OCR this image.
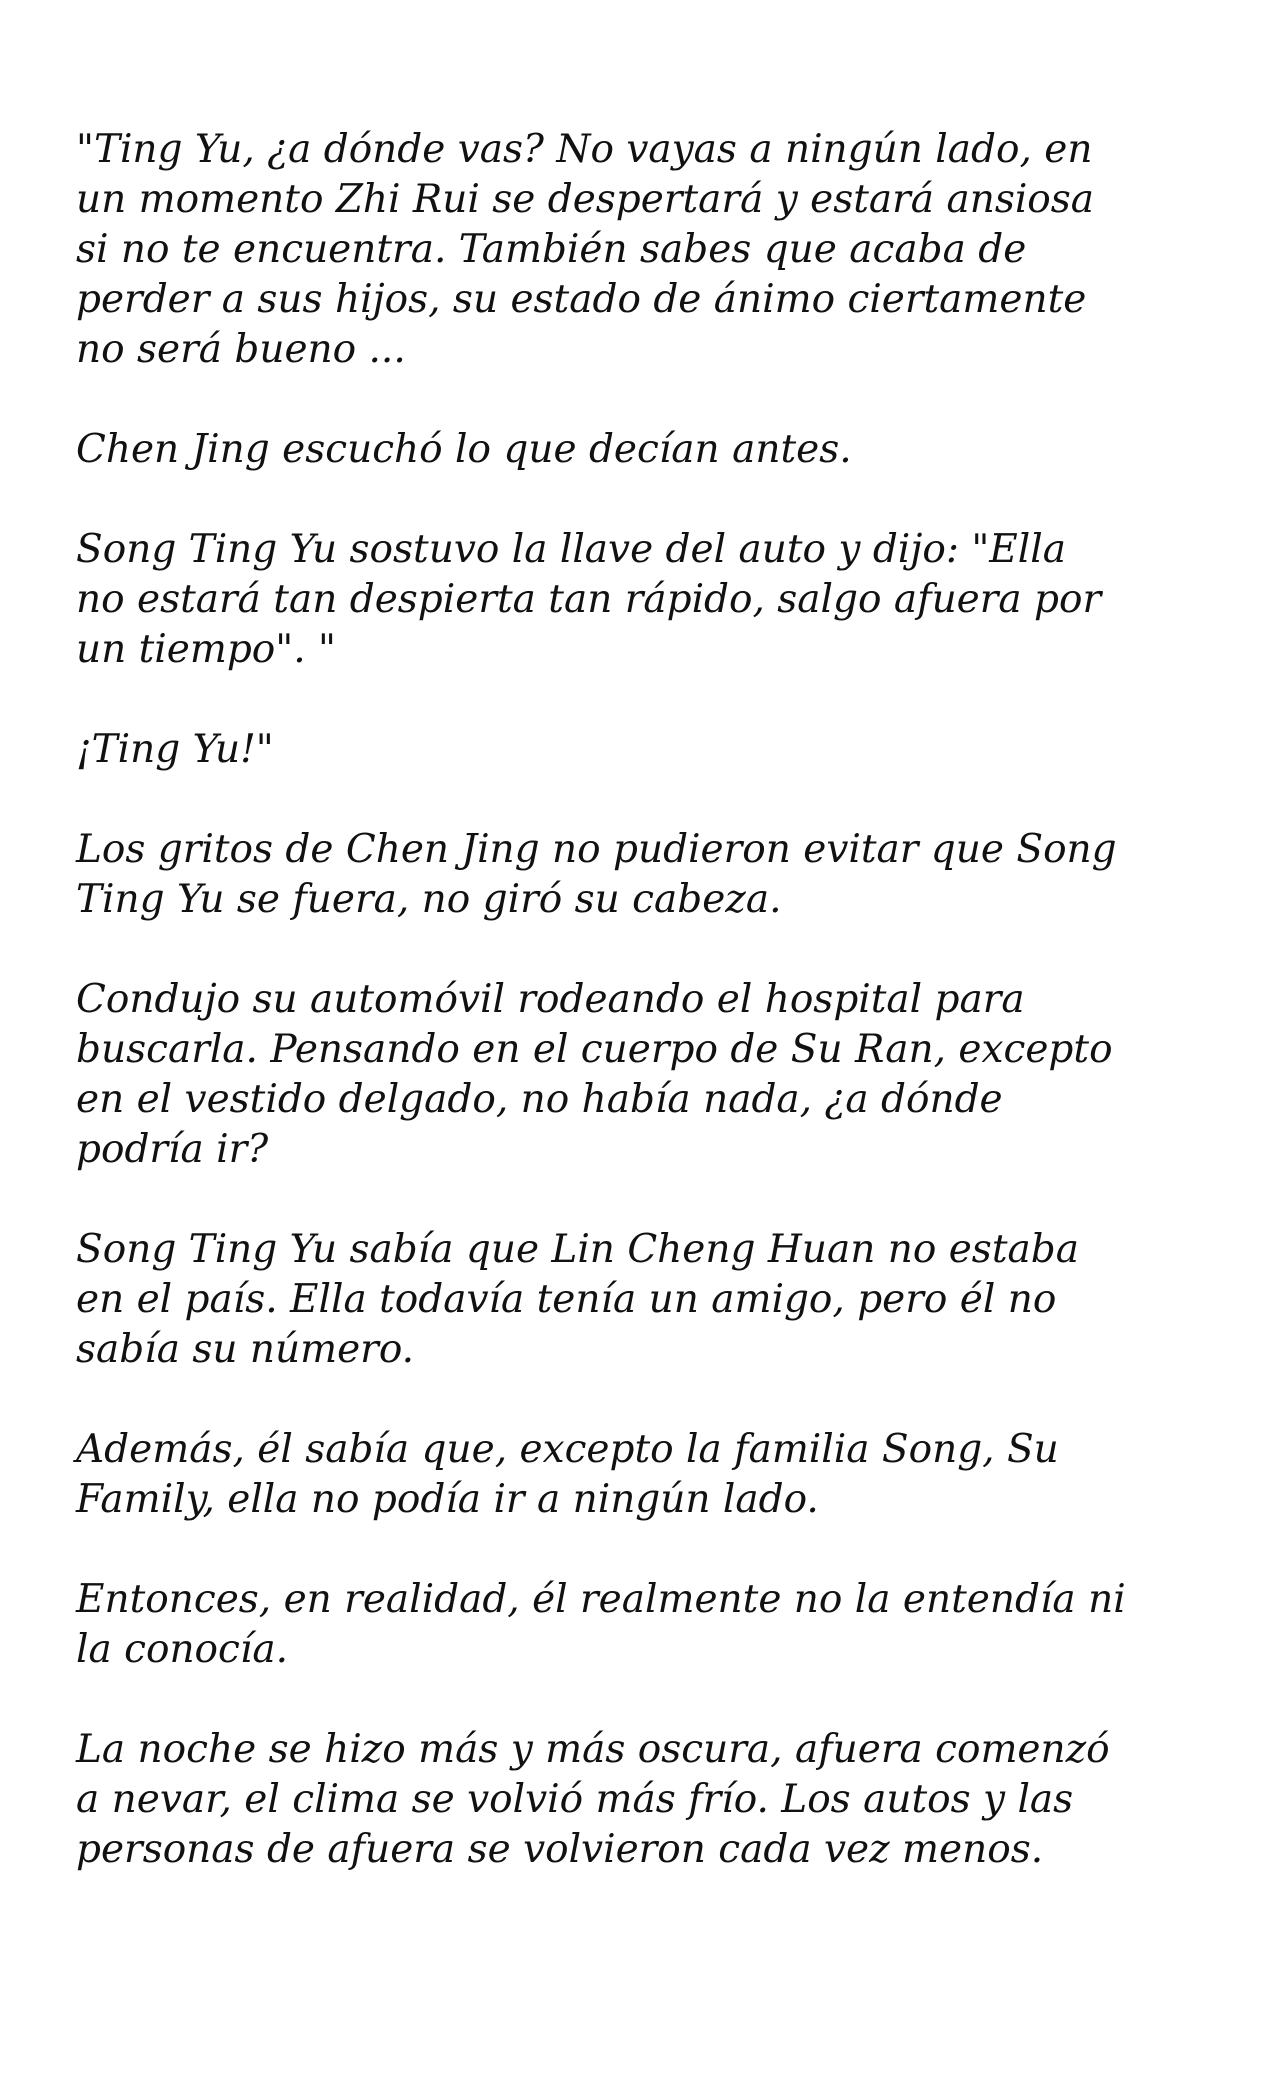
"Ting Yu, ¿a dónde vas? No vayas a ningún lado, en
un momento Zhi Rui se despertará y estará ansiosa
si no te encuentra. También sabes que acaba de
perder a sus hijos, su estado de ánimo ciertamente
no será bueno ...

Chen Jing escuchó lo que decían antes.

Song Ting Yu sostuvo la llave del auto y dijo: "Ella
no estará tan despierta tan rápido, salgo afuera por
un tiempo". "

¡Ting Yu!"

Los gritos de Chen Jing no pudieron evitar que Song
Ting Yu se fuera, no giró su cabeza.

Condujo su automóvil rodeando el hospital para
buscarla. Pensando en el cuerpo de Su Ran, excepto
en el vestido delgado, no había nada, ¿a dónde
podría ir?

Song Ting Yu sabía que Lin Cheng Huan no estaba
en el país. Ella todavía tenía un amigo, pero él no
sabía su número.

Además, él sabía que, excepto la familia Song, Su
Family, ella no podía ir a ningún lado.

Entonces, en realidad, él realmente no la entendía ni
la conocía.

La noche se hizo más y más oscura, afuera comenzó
a nevar, el clima se volvió más frío. Los autos y las
personas de afuera se volvieron cada vez menos.
